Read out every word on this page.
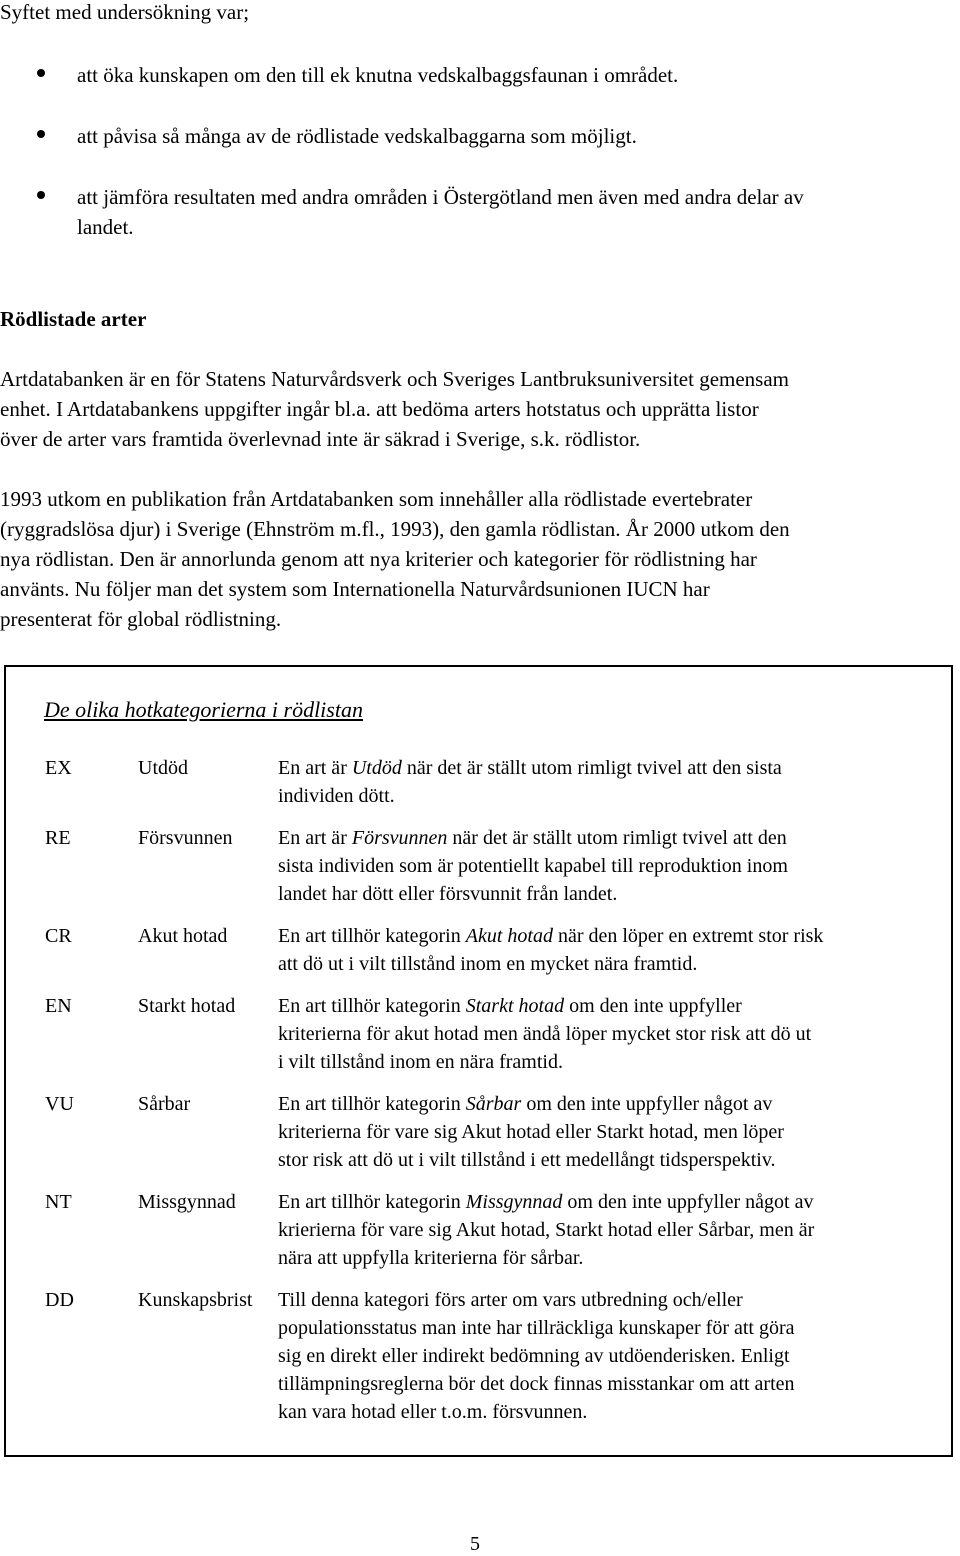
Syftet med undersökning var;
att öka kunskapen om den till ek knutna vedskalbaggsfaunan i området.
att påvisa så många av de rödlistade vedskalbaggarna som möjligt.
att jämföra resultaten med andra områden i Östergötland men även med andra delar av
landet.
Rödlistade arter
Artdatabanken är en för Statens Naturvårdsverk och Sveriges Lantbruksuniversitet gemensam
enhet. I Artdatabankens uppgifter ingår bl.a. att bedöma arters hotstatus och upprätta listor
över de arter vars framtida överlevnad inte är säkrad i Sverige, s.k. rödlistor.
1993 utkom en publikation från Artdatabanken som innehåller alla rödlistade evertebrater
(ryggradslösa djur) i Sverige (Ehnström m.fl., 1993), den gamla rödlistan. År 2000 utkom den
nya rödlistan. Den är annorlunda genom att nya kriterier och kategorier för rödlistning har
använts. Nu följer man det system som Internationella Naturvårdsunionen IUCN har
presenterat för global rödlistning.
De olika hotkategorierna i rödlistan
EX	Utdöd	En art är Utdöd när det är ställt utom rimligt tvivel att den sista
individen dött.
RE	Försvunnen En art är Försvunnen när det är ställt utom rimligt tvivel att den
sista individen som är potentiellt kapabel till reproduktion inom
landet har dött eller försvunnit från landet.
CR	Akut hotad	En art tillhör kategorin Akut hotad när den löper en extremt stor risk
att dö ut i vilt tillstånd inom en mycket nära framtid.
EN	Starkt hotad En art tillhör kategorin Starkt hotad om den inte uppfyller
kriterierna för akut hotad men ändå löper mycket stor risk att dö ut
i vilt tillstånd inom en nära framtid.
VU	Sårbar	En art tillhör kategorin Sårbar om den inte uppfyller något av
kriterierna för vare sig Akut hotad eller Starkt hotad, men löper
stor risk att dö ut i vilt tillstånd i ett medellångt tidsperspektiv.
NT	Missgynnad En art tillhör kategorin Missgynnad om den inte uppfyller något av
krierierna för vare sig Akut hotad, Starkt hotad eller Sårbar, men är
nära att uppfylla kriterierna för sårbar.
DD	Kunskapsbrist Till denna kategori förs arter om vars utbredning och/eller
populationsstatus man inte har tillräckliga kunskaper för att göra
sig en direkt eller indirekt bedömning av utdöenderisken. Enligt
tillämpningsreglerna bör det dock finnas misstankar om att arten
kan vara hotad eller t.o.m. försvunnen.
5
